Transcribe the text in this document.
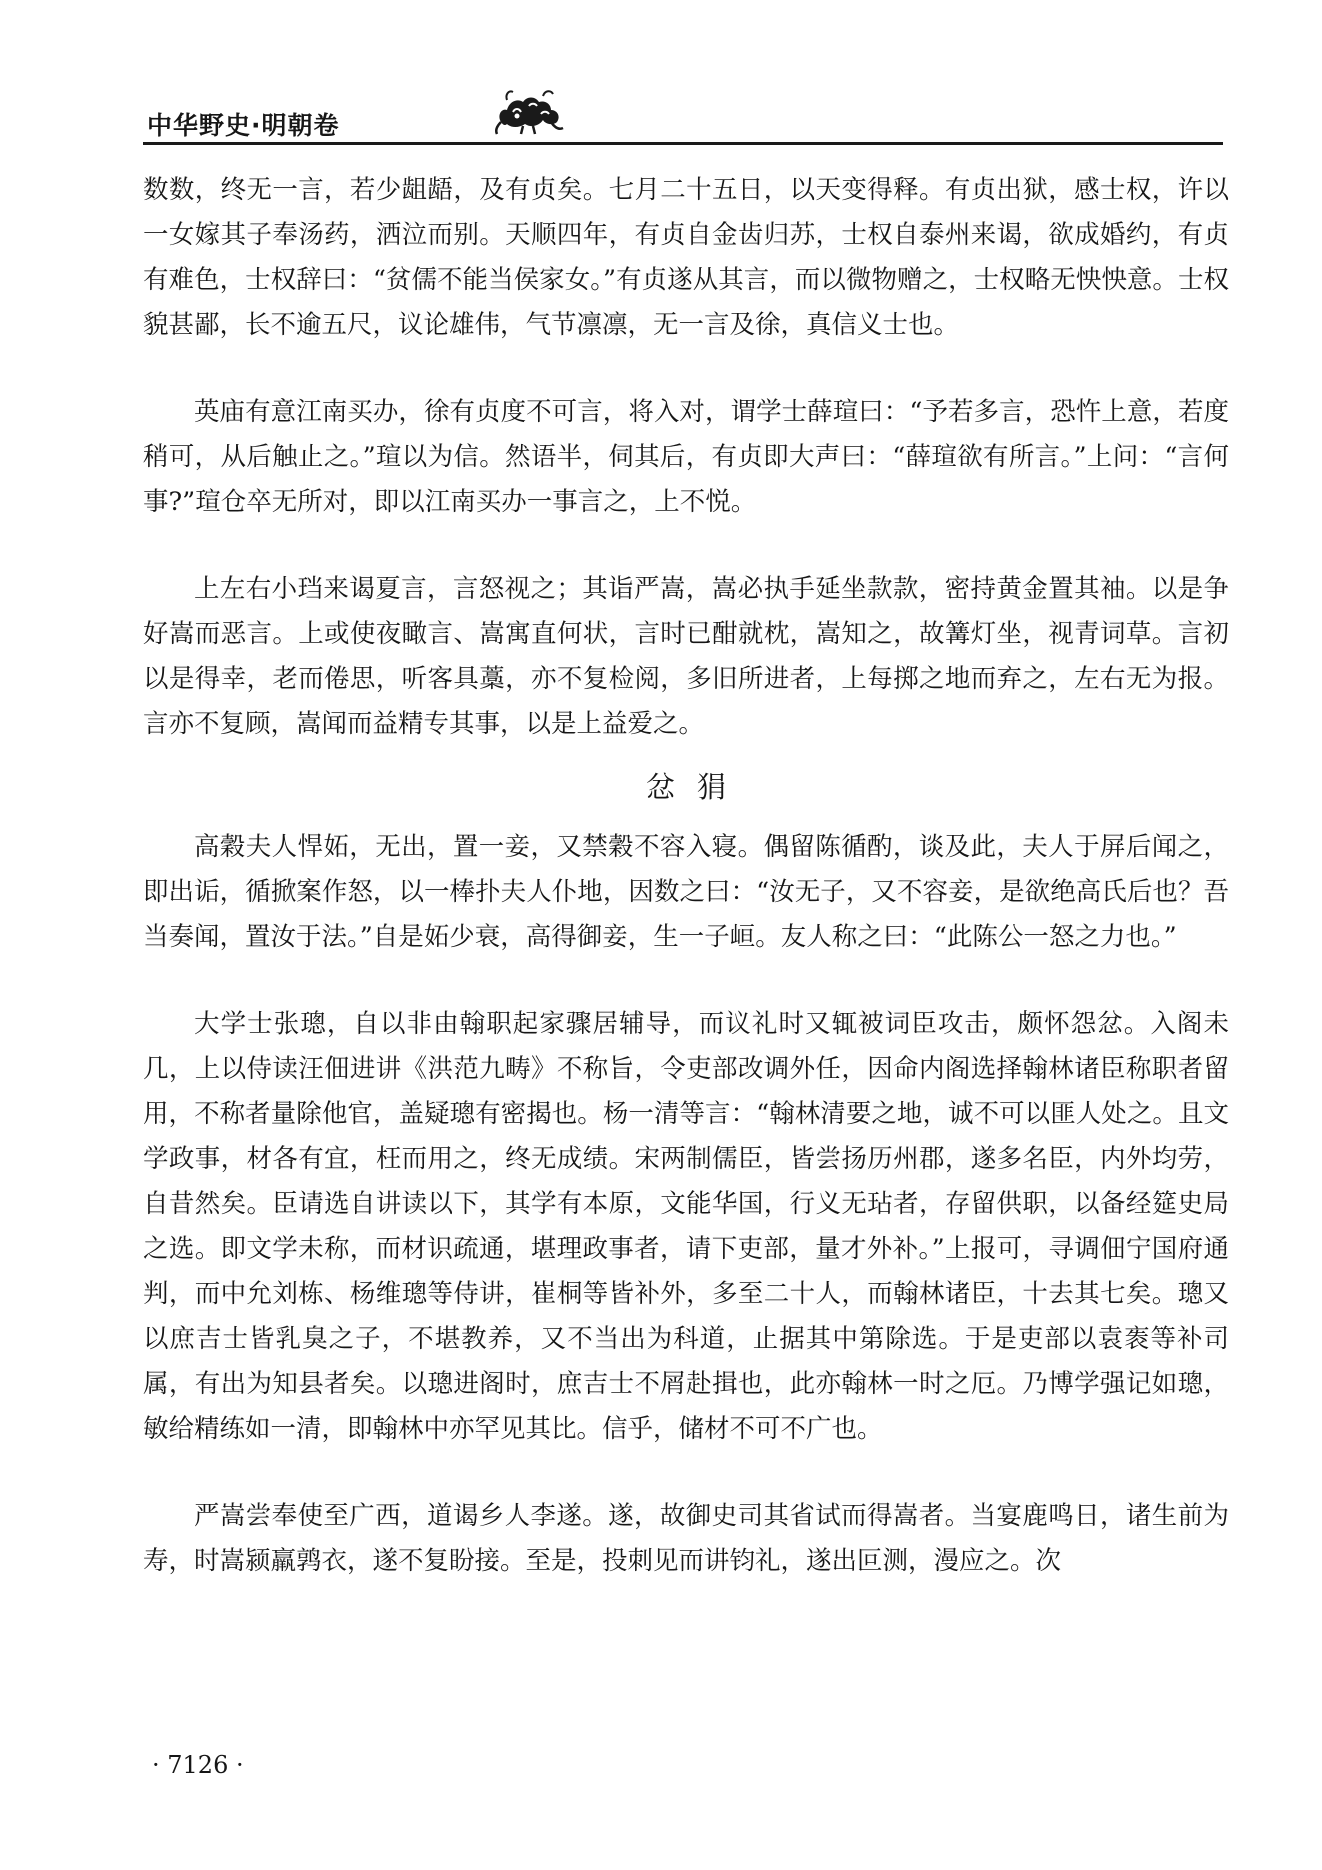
中华野史·明朝卷

数数，终无一言，若少龃龉，及有贞矣。七月二十五日，以天变得释。有贞出狱，感士权，许以一女嫁其子奉汤药，洒泣而别。天顺四年，有贞自金齿归苏，士权自泰州来谒，欲成婚约，有贞有难色，士权辞曰：“贫儒不能当侯家女。”有贞遂从其言，而以微物赠之，士权略无怏怏意。士权貌甚鄙，长不逾五尺，议论雄伟，气节凛凛，无一言及徐，真信义士也。

英庙有意江南买办，徐有贞度不可言，将入对，谓学士薛瑄曰：“予若多言，恐忤上意，若度稍可，从后触止之。”瑄以为信。然语半，伺其后，有贞即大声曰：“薛瑄欲有所言。”上问：“言何事?”瑄仓卒无所对，即以江南买办一事言之，上不悦。

上左右小珰来谒夏言，言怒视之；其诣严嵩，嵩必执手延坐款款，密持黄金置其袖。以是争好嵩而恶言。上或使夜瞰言、嵩寓直何状，言时已酣就枕，嵩知之，故篝灯坐，视青词草。言初以是得幸，老而倦思，听客具藁，亦不复检阅，多旧所进者，上每掷之地而弃之，左右无为报。言亦不复顾，嵩闻而益精专其事，以是上益爱之。

忿狷

高穀夫人悍妬，无出，置一妾，又禁穀不容入寝。偶留陈循酌，谈及此，夫人于屏后闻之，即出诟，循掀案作怒，以一棒扑夫人仆地，因数之曰：“汝无子，又不容妾，是欲绝高氏后也？吾当奏闻，置汝于法。”自是妬少衰，高得御妾，生一子峘。友人称之曰：“此陈公一怒之力也。”

大学士张璁，自以非由翰职起家骤居辅导，而议礼时又辄被词臣攻击，颇怀怨忿。入阁未几，上以侍读汪佃进讲《洪范九畴》不称旨，令吏部改调外任，因命内阁选择翰林诸臣称职者留用，不称者量除他官，盖疑璁有密揭也。杨一清等言：“翰林清要之地，诚不可以匪人处之。且文学政事，材各有宜，枉而用之，终无成绩。宋两制儒臣，皆尝扬历州郡，遂多名臣，内外均劳，自昔然矣。臣请选自讲读以下，其学有本原，文能华国，行义无玷者，存留供职，以备经筵史局之选。即文学未称，而材识疏通，堪理政事者，请下吏部，量才外补。”上报可，寻调佃宁国府通判，而中允刘栋、杨维璁等侍讲，崔桐等皆补外，多至二十人，而翰林诸臣，十去其七矣。璁又以庶吉士皆乳臭之子，不堪教养，又不当出为科道，止据其中第除选。于是吏部以袁袠等补司属，有出为知县者矣。以璁进阁时，庶吉士不屑赴揖也，此亦翰林一时之厄。乃博学强记如璁，敏给精练如一清，即翰林中亦罕见其比。信乎，储材不可不广也。

严嵩尝奉使至广西，道谒乡人李遂。遂，故御史司其省试而得嵩者。当宴鹿鸣日，诸生前为寿，时嵩颍羸鹑衣，遂不复盼接。至是，投刺见而讲钧礼，遂出叵测，漫应之。次

· 7126 ·
